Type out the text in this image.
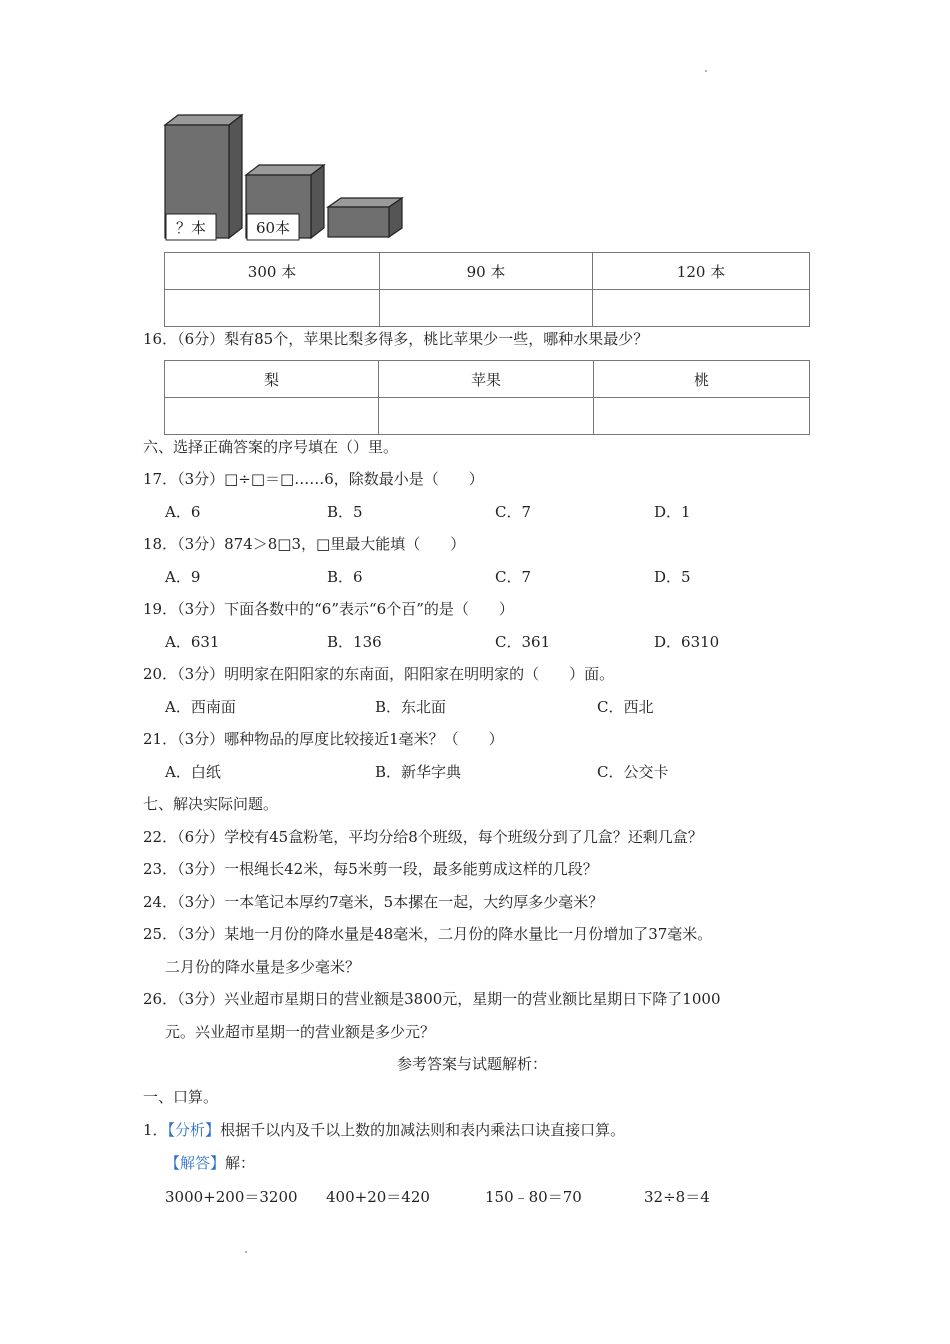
？本	60本
300 本	90 本	120 本

16．（6分）梨有85个，苹果比梨多得多，桃比苹果少一些，哪种水果最少？
梨	苹果	桃

六、选择正确答案的序号填在（）里。
17．（3分）□÷□＝□……6，除数最小是（　　）
A．6	B．5	C．7	D．1
18．（3分）874＞8□3，□里最大能填（　　）
A．9	B．6	C．7	D．5
19．（3分）下面各数中的“6”表示“6个百”的是（　　）
A．631	B．136	C．361	D．6310
20．（3分）明明家在阳阳家的东南面，阳阳家在明明家的（　　）面。
A．西南面	B．东北面	C．西北
21．（3分）哪种物品的厚度比较接近1毫米？（　　）
A．白纸	B．新华字典	C．公交卡
七、解决实际问题。
22．（6分）学校有45盒粉笔，平均分给8个班级，每个班级分到了几盒？还剩几盒？
23．（3分）一根绳长42米，每5米剪一段，最多能剪成这样的几段？
24．（3分）一本笔记本厚约7毫米，5本摞在一起，大约厚多少毫米？
25．（3分）某地一月份的降水量是48毫米，二月份的降水量比一月份增加了37毫米。
二月份的降水量是多少毫米？
26．（3分）兴业超市星期日的营业额是3800元，星期一的营业额比星期日下降了1000
元。兴业超市星期一的营业额是多少元？
参考答案与试题解析：
一、口算。
1．【分析】根据千以内及千以上数的加减法则和表内乘法口诀直接口算。
【解答】解：
3000+200＝3200 400+20＝420	150﹣80＝70	32÷8＝4
